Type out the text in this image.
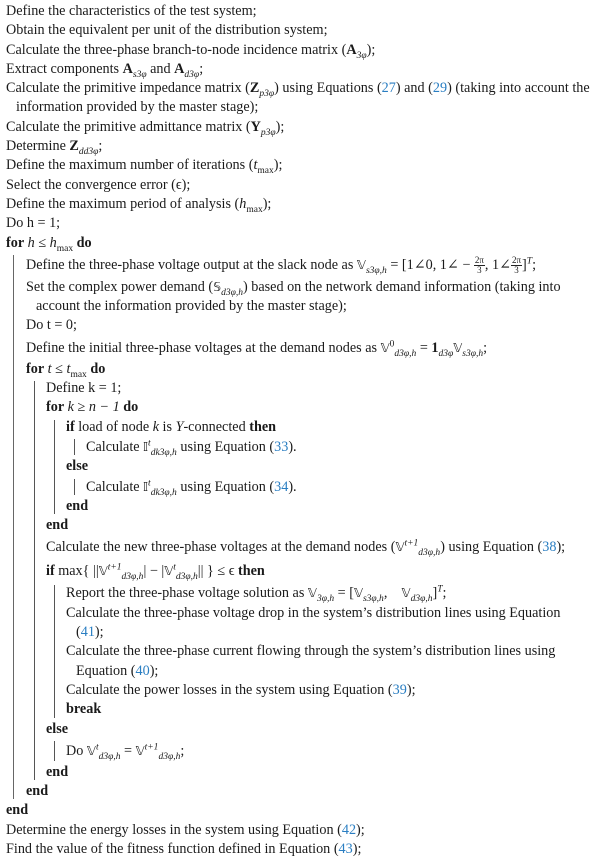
Define the characteristics of the test system;
Obtain the equivalent per unit of the distribution system;
Calculate the three-phase branch-to-node incidence matrix $(A_{3\varphi})$;
Extract components $A_{s3\varphi}$ and $A_{d3\varphi}$;
Calculate the primitive impedance matrix $(Z_{p3\varphi})$ using Equations (27) and (29) (taking into account the
information provided by the master stage);
Calculate the primitive admittance matrix $(Y_{p3\varphi})$;
Determine $Z_{dd3\varphi}$;
Define the maximum number of iterations $(t_{max})$;
Select the convergence error (ϵ);
Define the maximum period of analysis $(h_{max})$;
Do h = 1;
for $h \le h_{max}$ do
Define the three-phase voltage output at the slack node as 𝕍$_{s3\varphi,h}$ = [1∠0, 1∠ − $\frac{2\pi}{3}$ , 1∠ $\frac{2\pi}{3} ]^T$;
Set the complex power demand (𝕊$_{d3\varphi,h}$) based on the network demand information (taking into
account the information provided by the master stage);
Do t = 0;
Define the initial three-phase voltages at the demand nodes as 𝕍$^0_{d3\varphi,h}$ = $1_{d3\varphi}𝕍_{s3\varphi,h}$;
for $t \le t_{max}$ do
Define k = 1;
for k ≥ n − 1 do
if load of node k is Y-connected then
Calculate 𝕀$^t_{dk3\varphi,h}$ using Equation (33).
else
Calculate 𝕀$^t_{dk3\varphi,h}$ using Equation (34).
end
end
Calculate the new three-phase voltages at the demand nodes (𝕍$^{t+1}_{d3\varphi,h}$) using Equation (38);
if max{ ||𝕍$^{t+1}_{d3\varphi,h}$| − |𝕍$^t_{d3\varphi,h}$|| } ≤ ϵ then
Report the three-phase voltage solution as 𝕍$_{3\varphi,h}$ = [𝕍$_{s3\varphi,h}$,    𝕍$_{d3\varphi,h}$]$^T$;
Calculate the three-phase voltage drop in the system’s distribution lines using Equation
(41);
Calculate the three-phase current flowing through the system’s distribution lines using
Equation (40);
Calculate the power losses in the system using Equation (39);
break
else
Do 𝕍$^t_{d3\varphi,h}$ = 𝕍$^{t+1}_{d3\varphi,h}$;
end
end
end
Determine the energy losses in the system using Equation (42);
Find the value of the fitness function defined in Equation (43);
